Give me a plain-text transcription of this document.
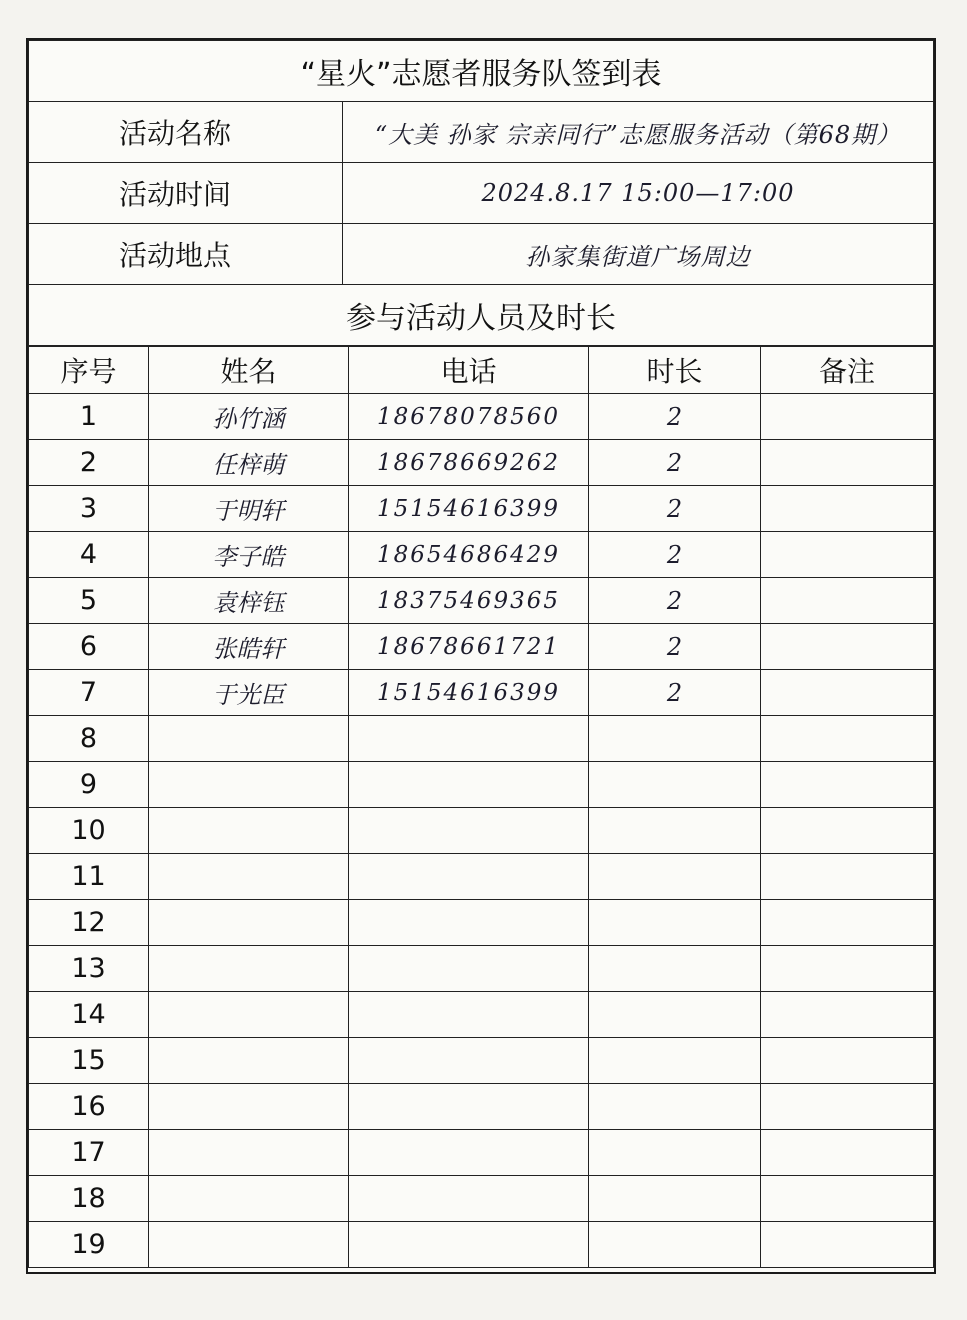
“星火”志愿者服务队签到表	
活动名称	“大美 孙家 宗亲同行”志愿服务活动（第68期）
活动时间	2024.8.17 15:00—17:00
活动地点	孙家集街道广场周边
参与活动人员及时长	
序号	姓名	电话	时长	备注
1	孙竹涵	18678078560	2	
2	任梓萌	18678669262	2	
3	于明轩	15154616399	2	
4	李子皓	18654686429	2	
5	袁梓钰	18375469365	2	
6	张皓轩	18678661721	2	
7	于光臣	15154616399	2	
8				
9				
10				
11				
12				
13				
14				
15				
16				
17				
18				
19				
